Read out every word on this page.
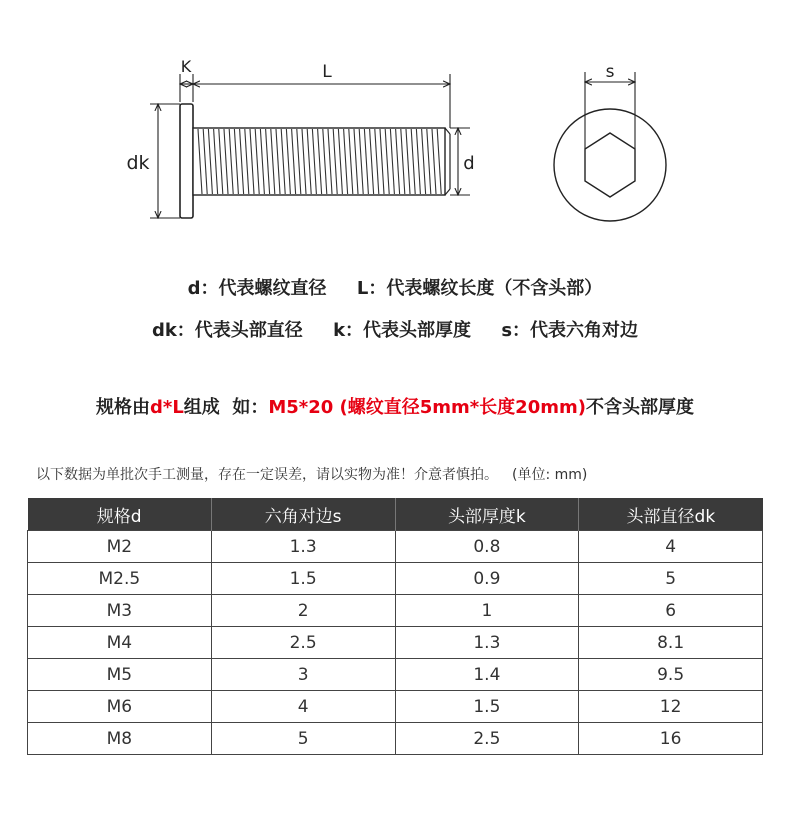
K	L
dk	d
s
d：代表螺纹直径 L：代表螺纹长度（不含头部）
dk：代表头部直径 k：代表头部厚度 s：代表六角对边
规格由d*L组成  如：M5*20 (螺纹直径5mm*长度20mm)不含头部厚度
以下数据为单批次手工测量，存在一定误差，请以实物为准！介意者慎拍。 (单位: mm)
规格d	六角对边s	头部厚度k	头部直径dk
M2	1.3	0.8	4
M2.5	1.5	0.9	5
M3	2	1	6
M4	2.5	1.3	8.1
M5	3	1.4	9.5
M6	4	1.5	12
M8	5	2.5	16
